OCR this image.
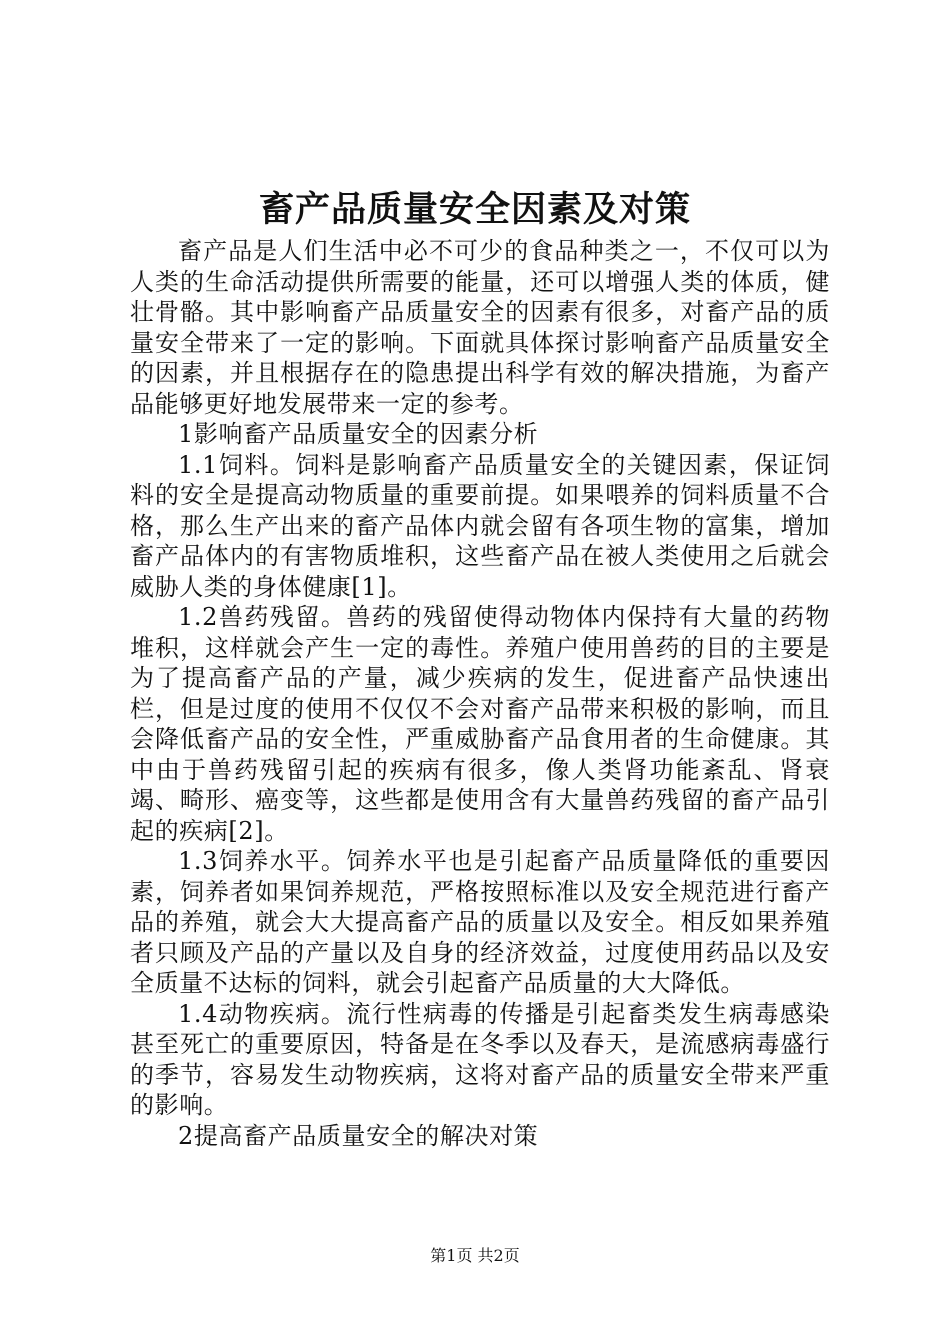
畜产品质量安全因素及对策

畜产品是人们生活中必不可少的食品种类之一，不仅可以为人类的生命活动提供所需要的能量，还可以增强人类的体质，健壮骨骼。其中影响畜产品质量安全的因素有很多，对畜产品的质量安全带来了一定的影响。下面就具体探讨影响畜产品质量安全的因素，并且根据存在的隐患提出科学有效的解决措施，为畜产品能够更好地发展带来一定的参考。

1影响畜产品质量安全的因素分析

1.1饲料。饲料是影响畜产品质量安全的关键因素，保证饲料的安全是提高动物质量的重要前提。如果喂养的饲料质量不合格，那么生产出来的畜产品体内就会留有各项生物的富集，增加畜产品体内的有害物质堆积，这些畜产品在被人类使用之后就会威胁人类的身体健康[1]。

1.2兽药残留。兽药的残留使得动物体内保持有大量的药物堆积，这样就会产生一定的毒性。养殖户使用兽药的目的主要是为了提高畜产品的产量，减少疾病的发生，促进畜产品快速出栏，但是过度的使用不仅仅不会对畜产品带来积极的影响，而且会降低畜产品的安全性，严重威胁畜产品食用者的生命健康。其中由于兽药残留引起的疾病有很多，像人类肾功能紊乱、肾衰竭、畸形、癌变等，这些都是使用含有大量兽药残留的畜产品引起的疾病[2]。

1.3饲养水平。饲养水平也是引起畜产品质量降低的重要因素，饲养者如果饲养规范，严格按照标准以及安全规范进行畜产品的养殖，就会大大提高畜产品的质量以及安全。相反如果养殖者只顾及产品的产量以及自身的经济效益，过度使用药品以及安全质量不达标的饲料，就会引起畜产品质量的大大降低。

1.4动物疾病。流行性病毒的传播是引起畜类发生病毒感染甚至死亡的重要原因，特备是在冬季以及春天，是流感病毒盛行的季节，容易发生动物疾病，这将对畜产品的质量安全带来严重的影响。

2提高畜产品质量安全的解决对策

第1页 共2页
